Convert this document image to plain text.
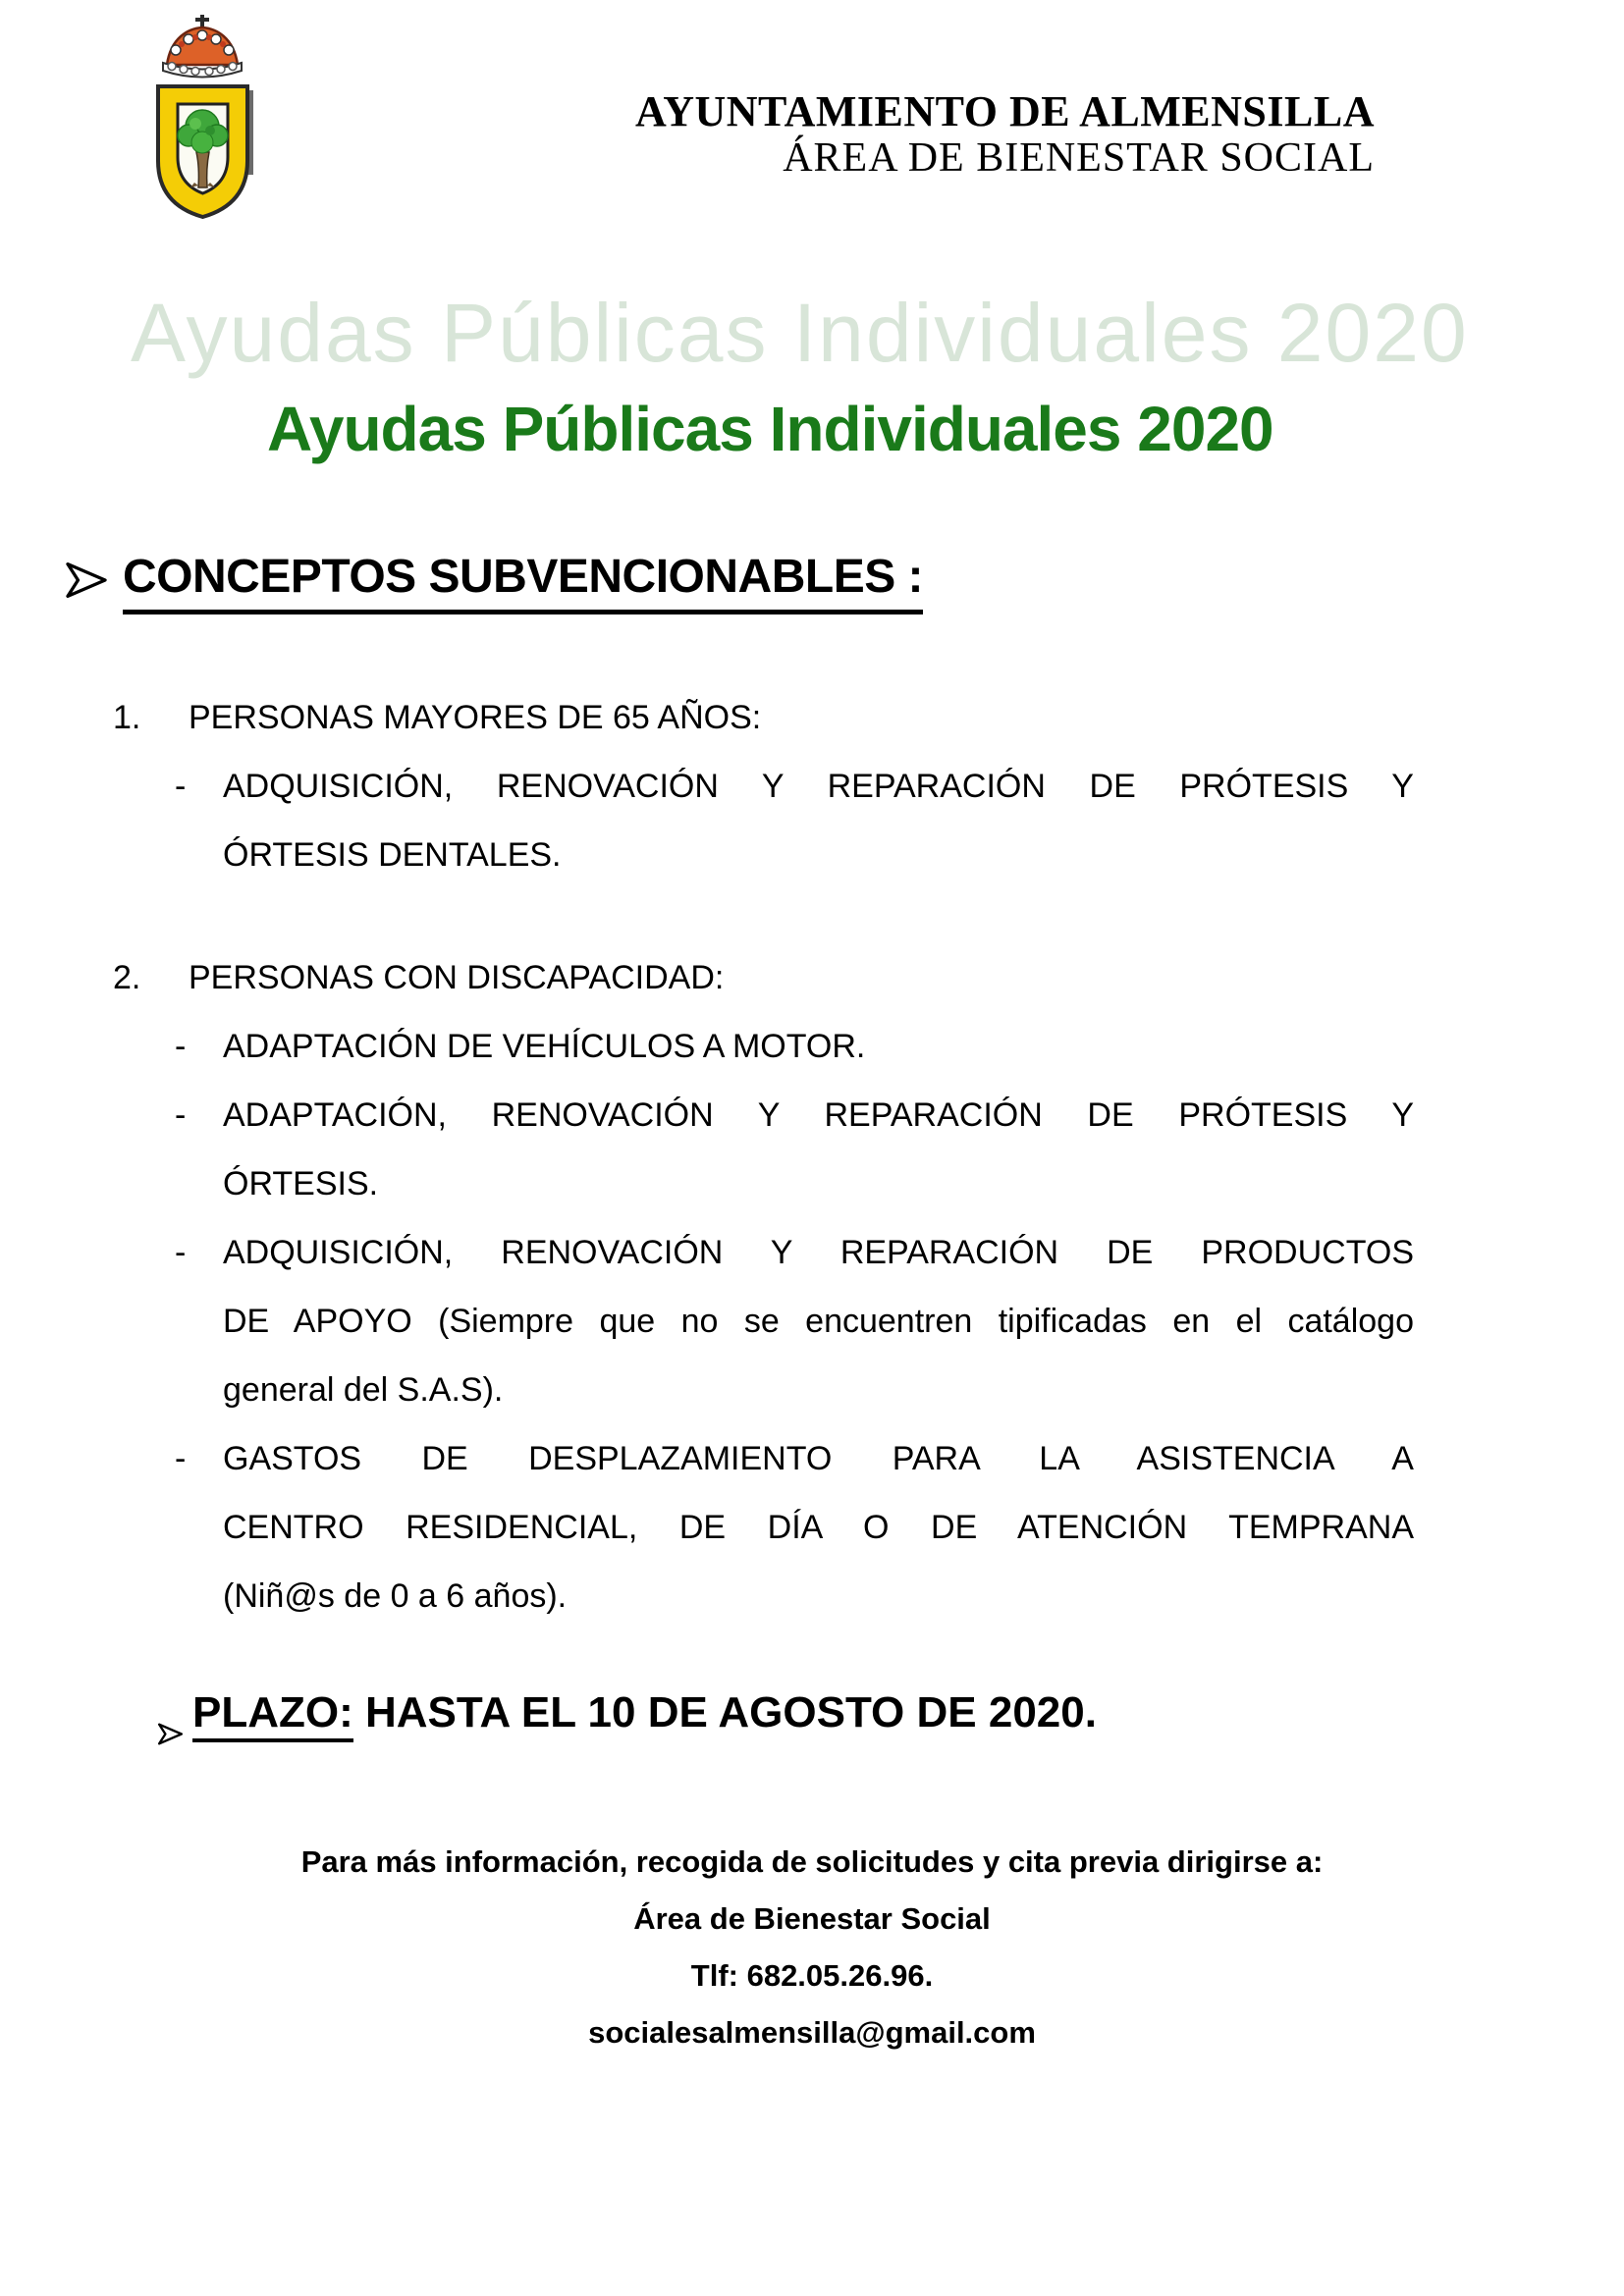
AYUNTAMIENTO DE ALMENSILLA
ÁREA DE BIENESTAR SOCIAL
Ayudas Públicas Individuales 2020
Ayudas Públicas Individuales 2020
CONCEPTOS SUBVENCIONABLES :
1. PERSONAS MAYORES DE 65 AÑOS:
- ADQUISICIÓN, RENOVACIÓN Y REPARACIÓN DE PRÓTESIS Y
ÓRTESIS DENTALES.
2. PERSONAS CON DISCAPACIDAD:
- ADAPTACIÓN DE VEHÍCULOS A MOTOR.
- ADAPTACIÓN, RENOVACIÓN Y REPARACIÓN DE PRÓTESIS Y
ÓRTESIS.
- ADQUISICIÓN, RENOVACIÓN Y REPARACIÓN DE PRODUCTOS
DE APOYO (Siempre que no se encuentren tipificadas en el catálogo
general del S.A.S).
- GASTOS DE DESPLAZAMIENTO PARA LA ASISTENCIA A
CENTRO RESIDENCIAL, DE DÍA O DE ATENCIÓN TEMPRANA
(Niñ@s de 0 a 6 años).
PLAZO: HASTA EL 10 DE AGOSTO DE 2020.
Para más información, recogida de solicitudes y cita previa dirigirse a:
Área de Bienestar Social
Tlf: 682.05.26.96.
socialesalmensilla@gmail.com
